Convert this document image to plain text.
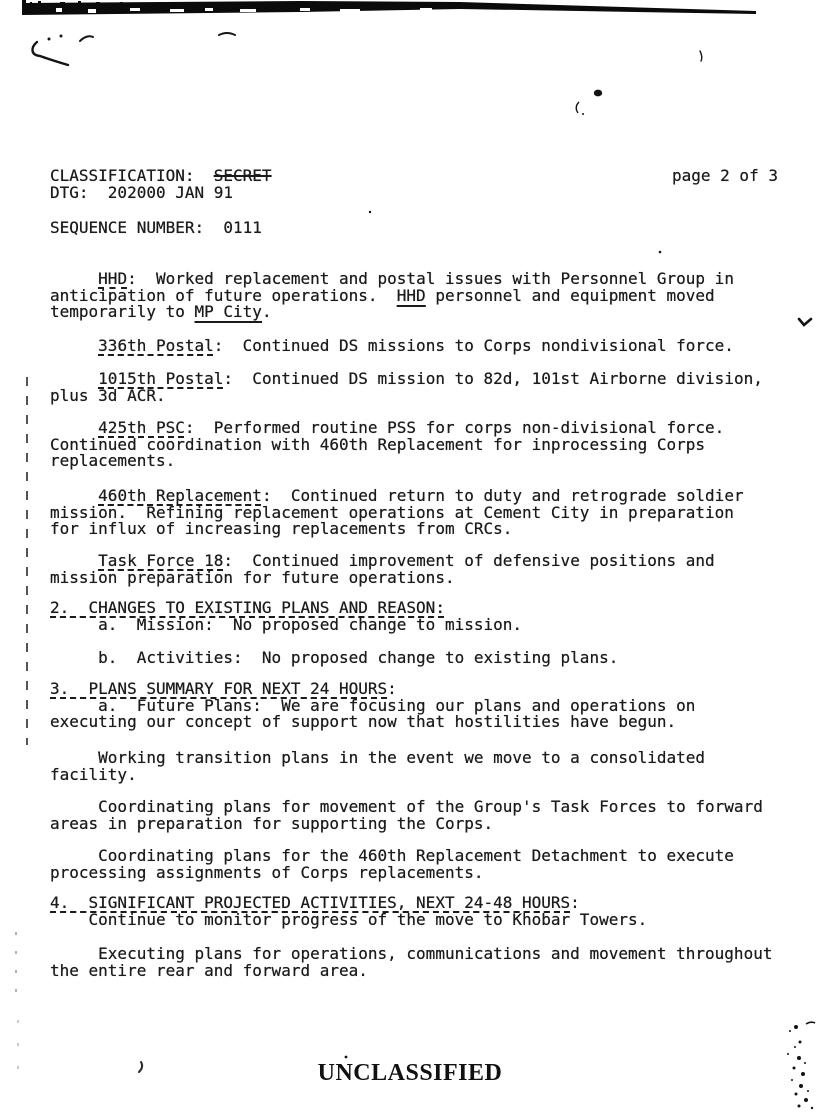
CLASSIFICATION:  SECRET
DTG:  202000 JAN 91
SEQUENCE NUMBER:  0111
HHD:  Worked replacement and postal issues with Personnel Group in
anticipation of future operations.  HHD personnel and equipment moved
temporarily to MP City.
336th Postal:  Continued DS missions to Corps nondivisional force.
1015th Postal:  Continued DS mission to 82d, 101st Airborne division,
plus 3d ACR.
425th PSC:  Performed routine PSS for corps non-divisional force.
Continued coordination with 460th Replacement for inprocessing Corps
replacements.
460th Replacement:  Continued return to duty and retrograde soldier
mission.  Refining replacement operations at Cement City in preparation
for influx of increasing replacements from CRCs.
Task Force 18:  Continued improvement of defensive positions and
mission preparation for future operations.
2.  CHANGES TO EXISTING PLANS AND REASON:
a.  Mission:  No proposed change to mission.

b.  Activities:  No proposed change to existing plans.
3.  PLANS SUMMARY FOR NEXT 24 HOURS:
a.  Future Plans:  We are focusing our plans and operations on
executing our concept of support now that hostilities have begun.
Working transition plans in the event we move to a consolidated
facility.
Coordinating plans for movement of the Group's Task Forces to forward
areas in preparation for supporting the Corps.
Coordinating plans for the 460th Replacement Detachment to execute
processing assignments of Corps replacements.
4.  SIGNIFICANT PROJECTED ACTIVITIES, NEXT 24-48 HOURS:
Continue to monitor progress of the move to Khobar Towers.
Executing plans for operations, communications and movement throughout
the entire rear and forward area.
page 2 of 3
UNCLASSIFIED
